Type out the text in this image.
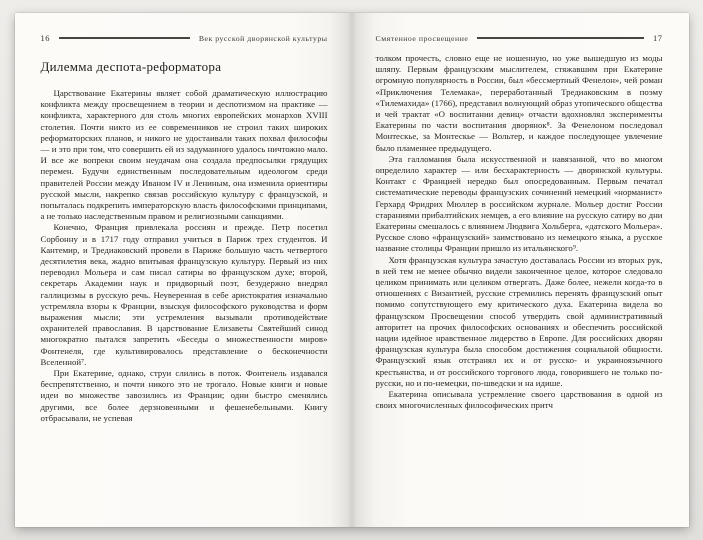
16	Век русской дворянской культуры
Дилемма деспота-реформатора

Царствование Екатерины являет собой драматическую иллюстрацию конфликта между просвещением в теории и деспотизмом на практике — конфликта, характерного для столь многих европейских монархов XVIII столетия. Почти никто из ее современников не строил таких широких реформаторских планов, и никого не удостаивали таких похвал философы — и это при том, что совершить ей из задуманного удалось ничтожно мало. И все же вопреки своим неудачам она создала предпосылки грядущих перемен. Будучи единственным последовательным идеологом среди правителей России между Иваном IV и Лениным, она изменила ориентиры русской мысли, накрепко связав российскую культуру с французской, и попыталась подкрепить императорскую власть философскими принципами, а не только наследственным правом и религиозными санкциями.

Конечно, Франция привлекала россиян и прежде. Петр посетил Сорбонну и в 1717 году отправил учиться в Париж трех студентов. И Кантемир, и Тредиаковский провели в Париже большую часть четвертого десятилетия века, жадно впитывая французскую культуру. Первый из них переводил Мольера и сам писал сатиры во французском духе; второй, секретарь Академии наук и придворный поэт, безудержно внедрял галлицизмы в русскую речь. Неуверенная в себе аристократия изначально устремляла взоры к Франции, взыскуя философского руководства и форм выражения мысли; эти устремления вызывали противодействие охранителей православия. В царствование Елизаветы Святейший синод многократно пытался запретить «Беседы о множественности миров» Фонтенеля, где культивировалось представление о бесконечности Вселенной⁷.

При Екатерине, однако, струи слились в поток. Фонтенель издавался беспрепятственно, и почти никого это не трогало. Новые книги и новые идеи во множестве завозились из Франции; одни быстро сменялись другими, все более дерзновенными и фешенебельными. Книгу отбрасывали, не успевая

Смятенное просвещение	17

толком прочесть, словно еще не ношенную, но уже вышедшую из моды шляпу. Первым французским мыслителем, стяжавшим при Екатерине огромную популярность в России, был «бессмертный Фенелон», чей роман «Приключения Телемака», переработанный Тредиаковским в поэму «Тилемахида» (1766), представил волнующий образ утопического общества и чей трактат «О воспитании девиц» отчасти вдохновлял эксперименты Екатерины по части воспитания дворянок⁸. За Фенелоном последовал Монтескье, за Монтескье — Вольтер, и каждое последующее увлечение было пламеннее предыдущего.

Эта галломания была искусственной и навязанной, что во многом определило характер — или бесхарактерность — дворянской культуры. Контакт с Францией нередко был опосредованным. Первым печатал систематические переводы французских сочинений немецкий «норманист» Герхард Фридрих Мюллер в российском журнале. Мольер достиг России стараниями прибалтийских немцев, а его влияние на русскую сатиру во дни Екатерины смешалось с влиянием Людвига Хольберга, «датского Мольера». Русское слово «французский» заимствовано из немецкого языка, а русское название столицы Франции пришло из итальянского⁹.

Хотя французская культура зачастую доставалась России из вторых рук, в ней тем не менее обычно видели законченное целое, которое следовало целиком принимать или целиком отвергать. Даже более, нежели когда-то в отношениях с Византией, русские стремились перенять французский опыт помимо сопутствующего ему критического духа. Екатерина видела во французском Просвещении способ утвердить свой административный авторитет на прочих философских основаниях и обеспечить российской нации идейное нравственное лидерство в Европе. Для российских дворян французская культура была способом достижения социальной общности. Французский язык отстранял их и от русско- и украиноязычного крестьянства, и от российского торгового люда, говорившего не только по-русски, но и по-немецки, по-шведски и на идише.

Екатерина описывала устремление своего царствования в одной из своих многочисленных философических притч
